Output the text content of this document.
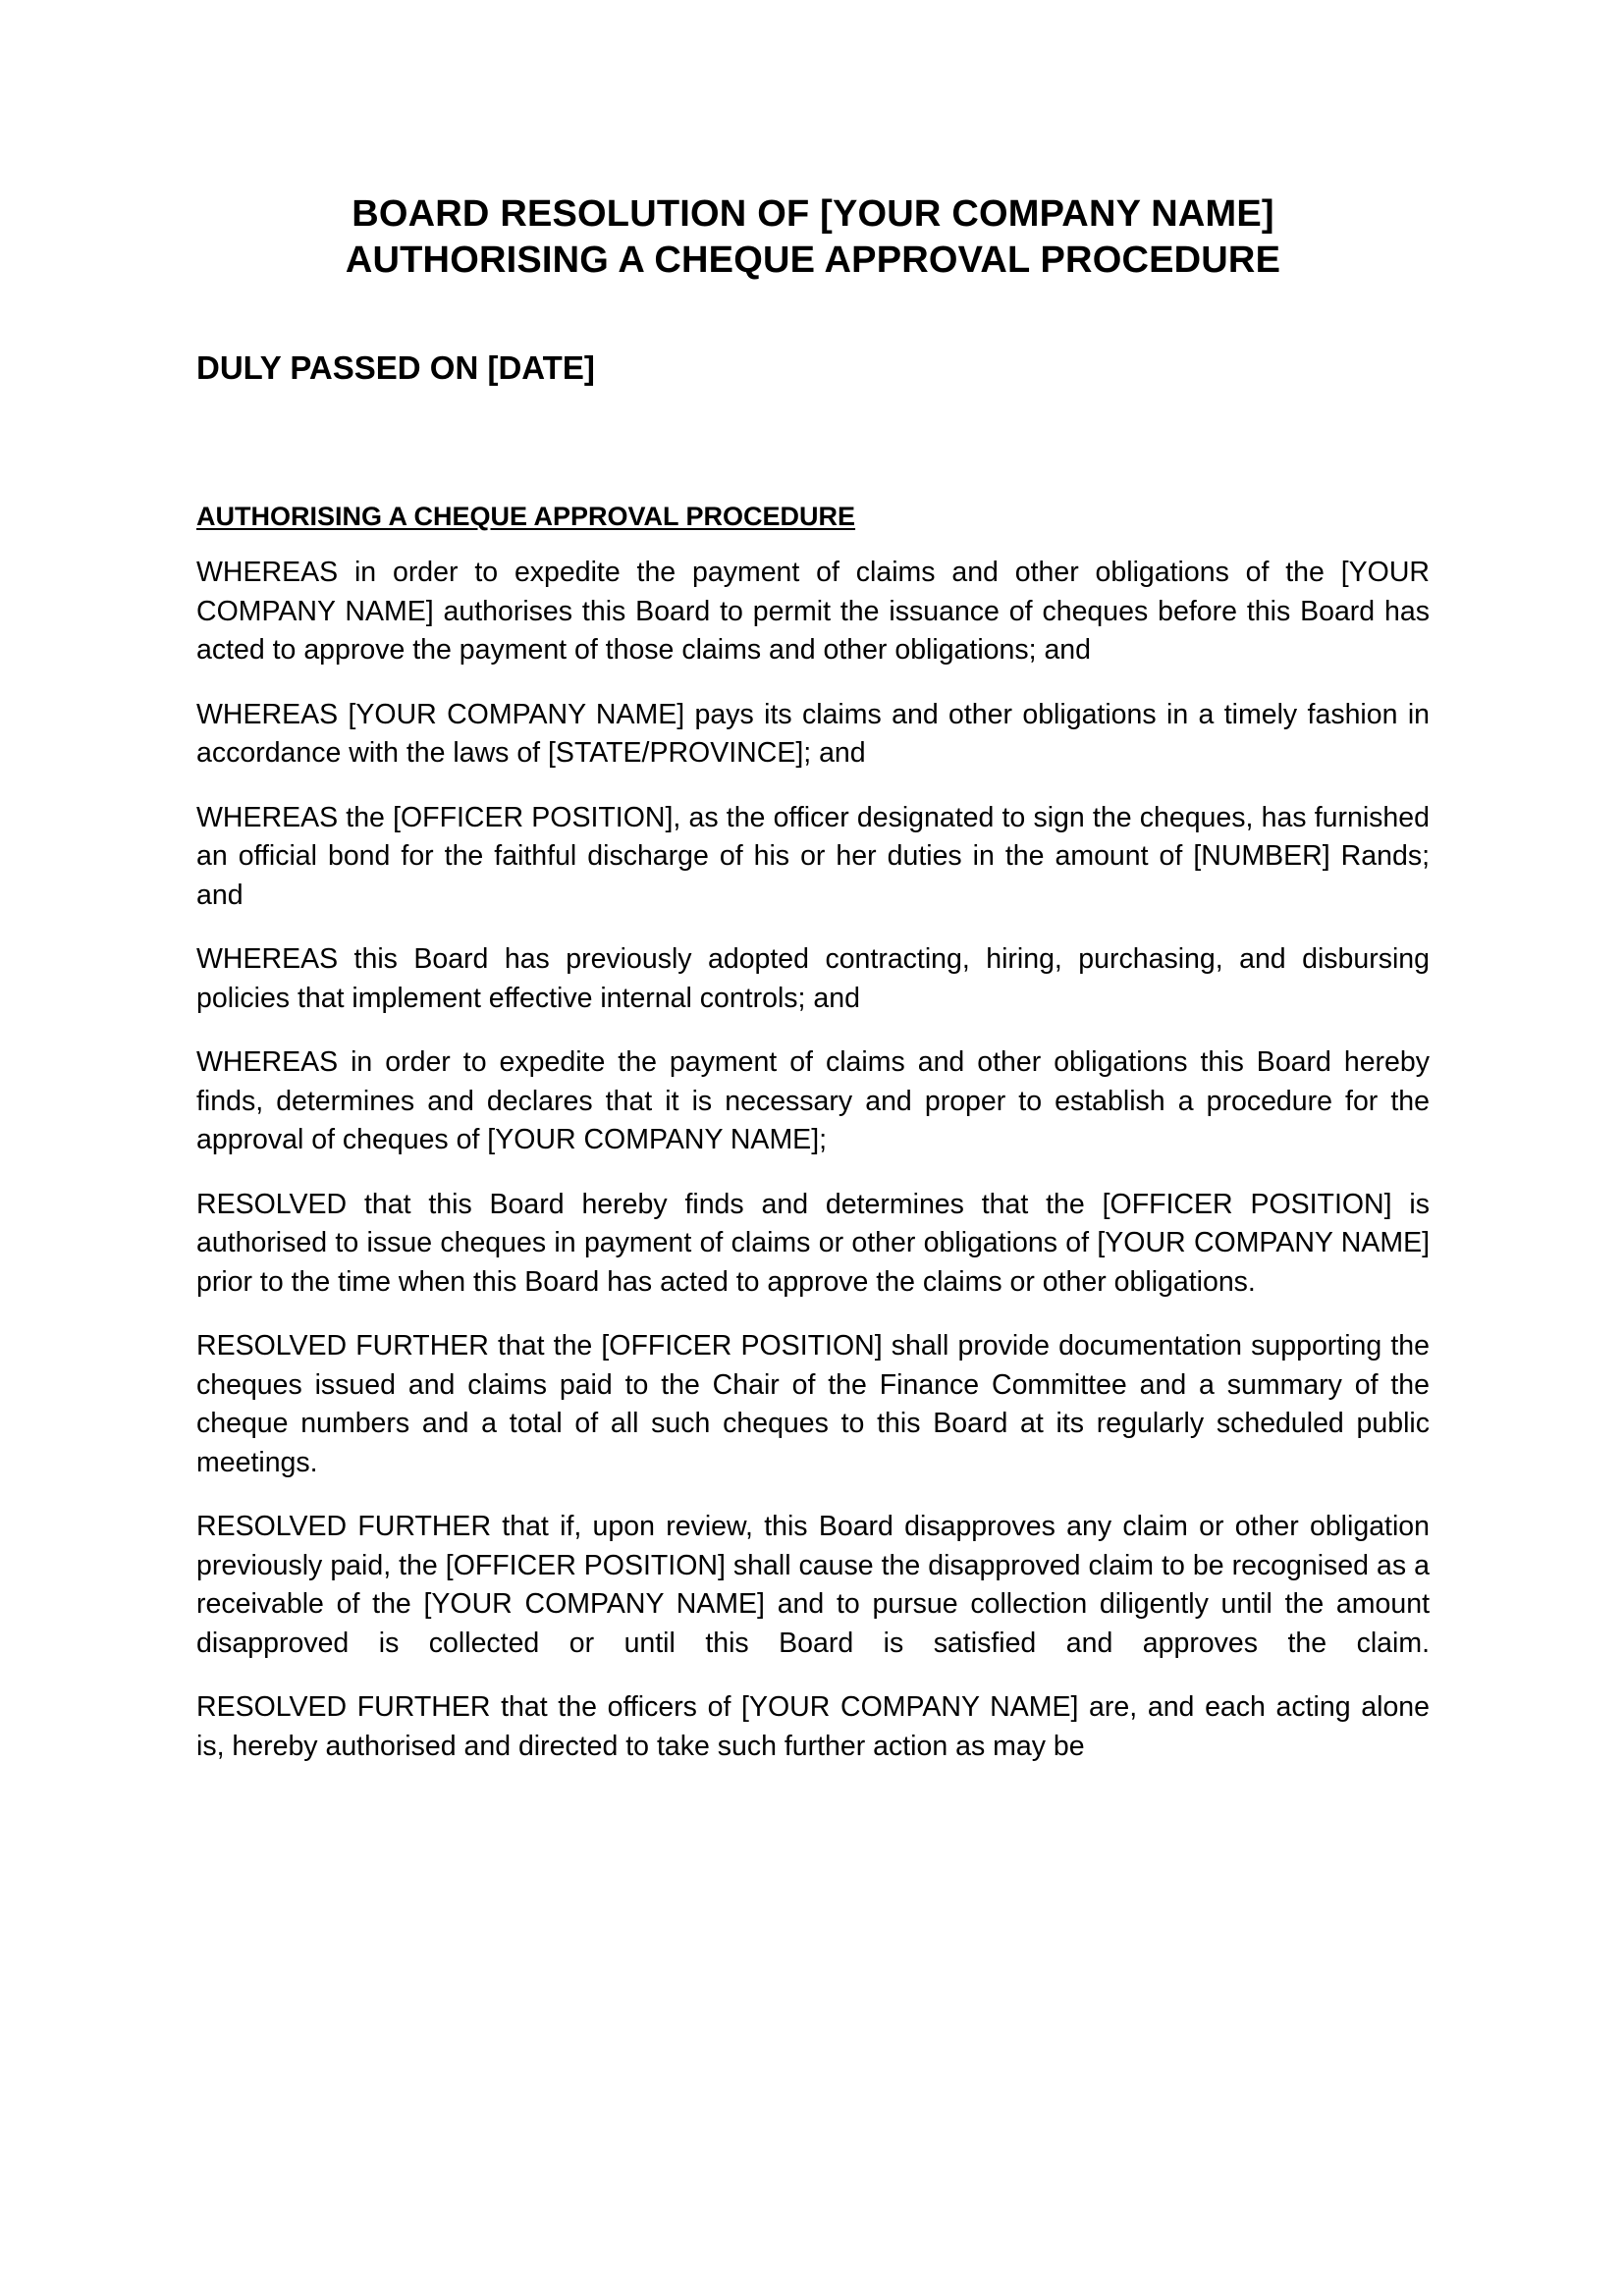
BOARD RESOLUTION OF [YOUR COMPANY NAME]
AUTHORISING A CHEQUE APPROVAL PROCEDURE
DULY PASSED ON [DATE]
AUTHORISING A CHEQUE APPROVAL PROCEDURE

WHEREAS in order to expedite the payment of claims and other obligations of the [YOUR COMPANY NAME] authorises this Board to permit the issuance of cheques before this Board has acted to approve the payment of those claims and other obligations; and

WHEREAS [YOUR COMPANY NAME] pays its claims and other obligations in a timely fashion in accordance with the laws of [STATE/PROVINCE]; and

WHEREAS the [OFFICER POSITION], as the officer designated to sign the cheques, has furnished an official bond for the faithful discharge of his or her duties in the amount of [NUMBER] Rands; and

WHEREAS this Board has previously adopted contracting, hiring, purchasing, and disbursing policies that implement effective internal controls; and

WHEREAS in order to expedite the payment of claims and other obligations this Board hereby finds, determines and declares that it is necessary and proper to establish a procedure for the approval of cheques of [YOUR COMPANY NAME];

RESOLVED that this Board hereby finds and determines that the [OFFICER POSITION] is authorised to issue cheques in payment of claims or other obligations of [YOUR COMPANY NAME] prior to the time when this Board has acted to approve the claims or other obligations.

RESOLVED FURTHER that the [OFFICER POSITION] shall provide documentation supporting the cheques issued and claims paid to the Chair of the Finance Committee and a summary of the cheque numbers and a total of all such cheques to this Board at its regularly scheduled public meetings.

RESOLVED FURTHER that if, upon review, this Board disapproves any claim or other obligation previously paid, the [OFFICER POSITION] shall cause the disapproved claim to be recognised as a receivable of the [YOUR COMPANY NAME] and to pursue collection diligently until the amount disapproved is collected or until this Board is satisfied and approves the claim.

RESOLVED FURTHER that the officers of [YOUR COMPANY NAME] are, and each acting alone is, hereby authorised and directed to take such further action as may be
